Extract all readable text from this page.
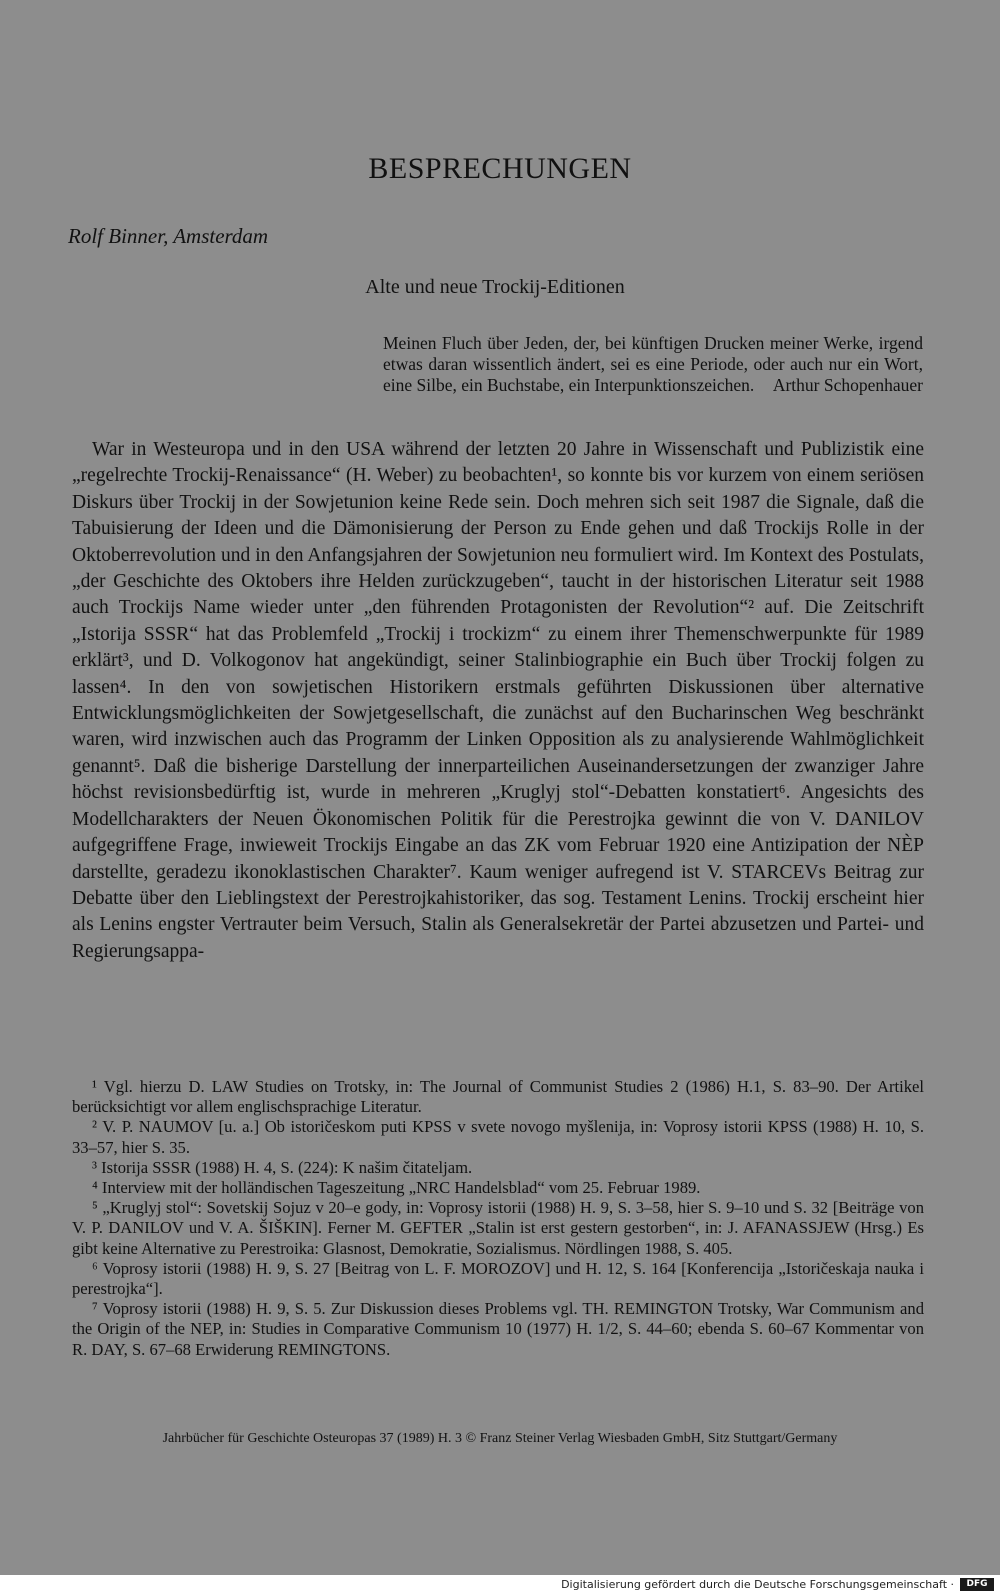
BESPRECHUNGEN
Rolf Binner, Amsterdam
Alte und neue Trockij-Editionen
Meinen Fluch über Jeden, der, bei künftigen Drucken meiner Werke, irgend etwas daran wissentlich ändert, sei es eine Periode, oder auch nur ein Wort, eine Silbe, ein Buchstabe, ein Interpunktionszeichen. Arthur Schopenhauer

War in Westeuropa und in den USA während der letzten 20 Jahre in Wissenschaft und Publizistik eine „regelrechte Trockij-Renaissance“ (H. Weber) zu beobachten¹, so konnte bis vor kurzem von einem seriösen Diskurs über Trockij in der Sowjetunion keine Rede sein. Doch mehren sich seit 1987 die Signale, daß die Tabuisierung der Ideen und die Dämonisierung der Person zu Ende gehen und daß Trockijs Rolle in der Oktoberrevolution und in den Anfangsjahren der Sowjetunion neu formuliert wird. Im Kontext des Postulats, „der Geschichte des Oktobers ihre Helden zurückzugeben“, taucht in der historischen Literatur seit 1988 auch Trockijs Name wieder unter „den führenden Protagonisten der Revolution“² auf. Die Zeitschrift „Istorija SSSR“ hat das Problemfeld „Trockij i trockizm“ zu einem ihrer Themenschwerpunkte für 1989 erklärt³, und D. Volkogonov hat angekündigt, seiner Stalinbiographie ein Buch über Trockij folgen zu lassen⁴. In den von sowjetischen Historikern erstmals geführten Diskussionen über alternative Entwicklungsmöglichkeiten der Sowjetgesellschaft, die zunächst auf den Bucharinschen Weg beschränkt waren, wird inzwischen auch das Programm der Linken Opposition als zu analysierende Wahlmöglichkeit genannt⁵. Daß die bisherige Darstellung der innerparteilichen Auseinandersetzungen der zwanziger Jahre höchst revisionsbedürftig ist, wurde in mehreren „Kruglyj stol“-Debatten konstatiert⁶. Angesichts des Modellcharakters der Neuen Ökonomischen Politik für die Perestrojka gewinnt die von V. DANILOV aufgegriffene Frage, inwieweit Trockijs Eingabe an das ZK vom Februar 1920 eine Antizipation der NÈP darstellte, geradezu ikonoklastischen Charakter⁷. Kaum weniger aufregend ist V. STARCEVs Beitrag zur Debatte über den Lieblingstext der Perestrojkahistoriker, das sog. Testament Lenins. Trockij erscheint hier als Lenins engster Vertrauter beim Versuch, Stalin als Generalsekretär der Partei abzusetzen und Partei- und Regierungsappa-

¹ Vgl. hierzu D. LAW Studies on Trotsky, in: The Journal of Communist Studies 2 (1986) H.1, S. 83–90. Der Artikel berücksichtigt vor allem englischsprachige Literatur.

² V. P. NAUMOV [u. a.] Ob istoričeskom puti KPSS v svete novogo myšlenija, in: Voprosy istorii KPSS (1988) H. 10, S. 33–57, hier S. 35.

³ Istorija SSSR (1988) H. 4, S. (224): K našim čitateljam.

⁴ Interview mit der holländischen Tageszeitung „NRC Handelsblad“ vom 25. Februar 1989.

⁵ „Kruglyj stol“: Sovetskij Sojuz v 20–e gody, in: Voprosy istorii (1988) H. 9, S. 3–58, hier S. 9–10 und S. 32 [Beiträge von V. P. DANILOV und V. A. ŠIŠKIN]. Ferner M. GEFTER „Stalin ist erst gestern gestorben“, in: J. AFANASSJEW (Hrsg.) Es gibt keine Alternative zu Perestroika: Glasnost, Demokratie, Sozialismus. Nördlingen 1988, S. 405.

⁶ Voprosy istorii (1988) H. 9, S. 27 [Beitrag von L. F. MOROZOV] und H. 12, S. 164 [Konferencija „Istoričeskaja nauka i perestrojka“].

⁷ Voprosy istorii (1988) H. 9, S. 5. Zur Diskussion dieses Problems vgl. TH. REMINGTON Trotsky, War Communism and the Origin of the NEP, in: Studies in Comparative Communism 10 (1977) H. 1/2, S. 44–60; ebenda S. 60–67 Kommentar von R. DAY, S. 67–68 Erwiderung REMINGTONS.

Jahrbücher für Geschichte Osteuropas 37 (1989) H. 3 © Franz Steiner Verlag Wiesbaden GmbH, Sitz Stuttgart/Germany
Digitalisierung gefördert durch die Deutsche Forschungsgemeinschaft ·	DFG
